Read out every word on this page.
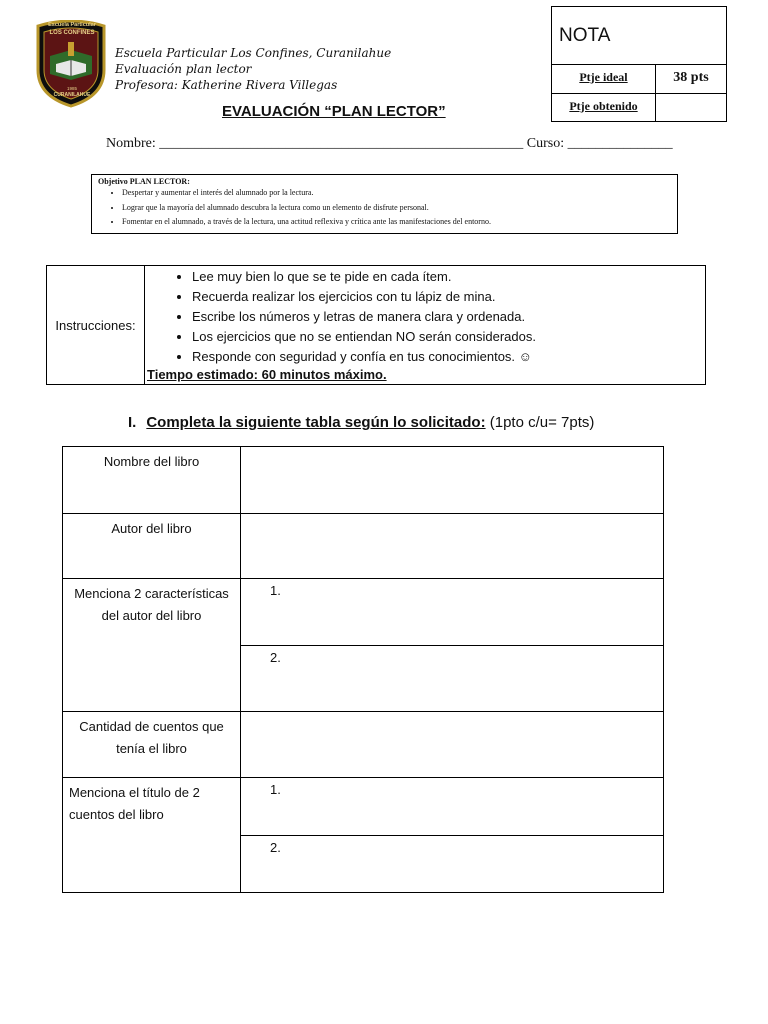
Escuela Particular
LOS CONFINES
1985
CURANILAHUE
Escuela Particular Los Confines, Curanilahue
Evaluación plan lector
Profesora: Katherine Rivera Villegas
EVALUACIÓN “PLAN LECTOR”
NOTA
Ptje ideal	38 pts
Ptje obtenido
Nombre: ____________________________________________________ Curso: _______________
Objetivo PLAN LECTOR:
• Despertar y aumentar el interés del alumnado por la lectura.
• Lograr que la mayoría del alumnado descubra la lectura como un elemento de disfrute personal.
• Fomentar en el alumnado, a través de la lectura, una actitud reflexiva y crítica ante las manifestaciones del entorno.
Instrucciones:
• Lee muy bien lo que se te pide en cada ítem.
• Recuerda realizar los ejercicios con tu lápiz de mina.
• Escribe los números y letras de manera clara y ordenada.
• Los ejercicios que no se entiendan NO serán considerados.
• Responde con seguridad y confía en tus conocimientos. ☺
Tiempo estimado: 60 minutos máximo.
I. Completa la siguiente tabla según lo solicitado: (1pto c/u= 7pts)
Nombre del libro
Autor del libro
Menciona 2 características del autor del libro
1.
2.
Cantidad de cuentos que tenía el libro
Menciona el título de 2 cuentos del libro
1.
2.
